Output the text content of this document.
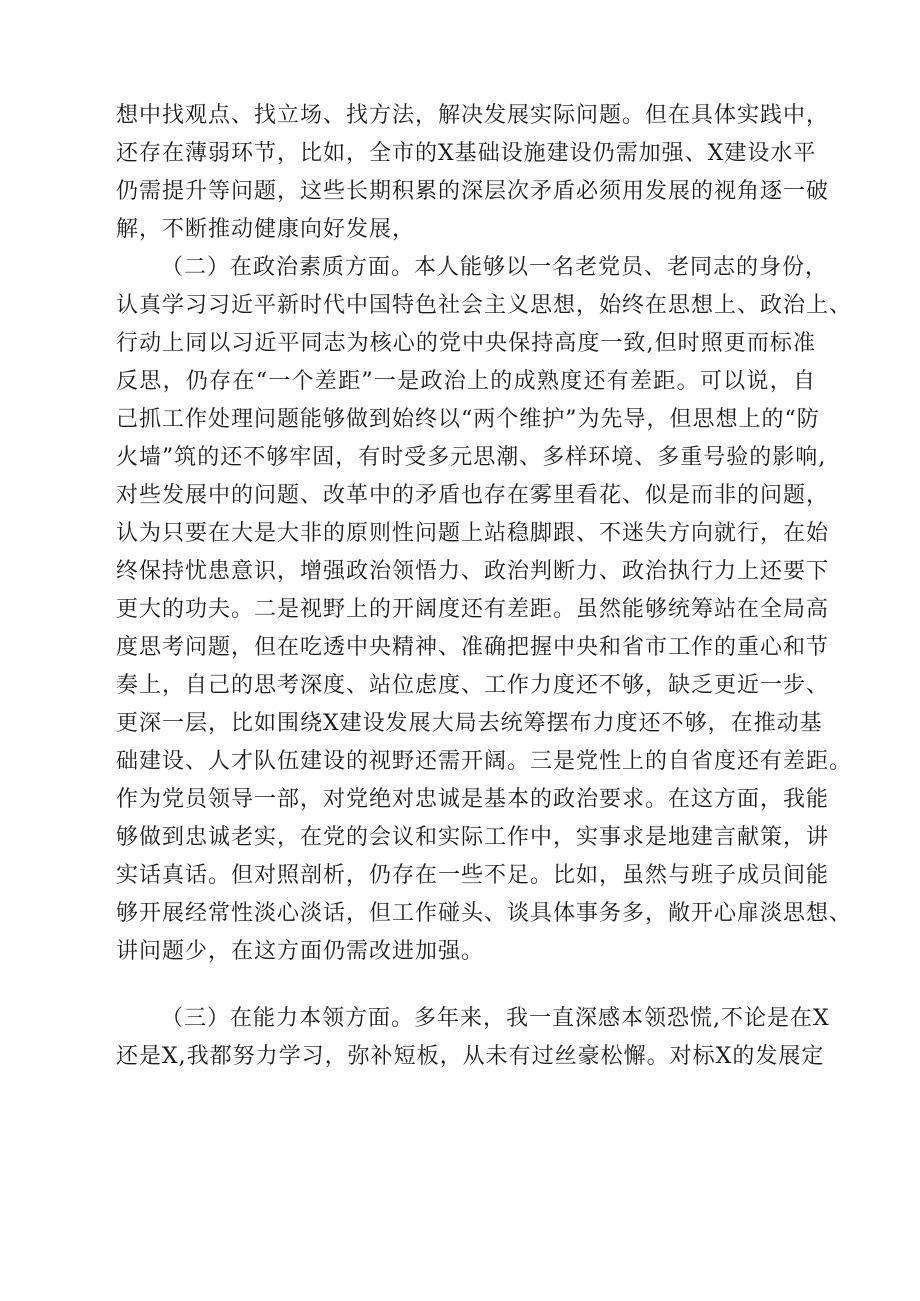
想中找观点、找立场、找方法，解决发展实际问题。但在具体实践中，
还存在薄弱环节，比如，全市的X基础设施建设仍需加强、X建设水平
仍需提升等问题，这些长期积累的深层次矛盾必须用发展的视角逐一破
解，不断推动健康向好发展，
（二）在政治素质方面。本人能够以一名老党员、老同志的身份，
认真学习习近平新时代中国特色社会主义思想，始终在思想上、政治上、
行动上同以习近平同志为核心的党中央保持高度一致,但时照更而标准
反思，仍存在“一个差距”一是政治上的成熟度还有差距。可以说，自
己抓工作处理问题能够做到始终以“两个维护”为先导，但思想上的“防
火墙”筑的还不够牢固，有时受多元思潮、多样环境、多重号验的影响,
对些发展中的问题、改革中的矛盾也存在雾里看花、似是而非的问题，
认为只要在大是大非的原则性问题上站稳脚跟、不迷失方向就行，在始
终保持忧患意识，增强政治领悟力、政治判断力、政治执行力上还要下
更大的功夫。二是视野上的开阔度还有差距。虽然能够统筹站在全局高
度思考问题，但在吃透中央精神、准确把握中央和省市工作的重心和节
奏上，自己的思考深度、站位虑度、工作力度还不够，缺乏更近一步、
更深一层，比如围绕X建设发展大局去统筹摆布力度还不够，在推动基
础建设、人才队伍建设的视野还需开阔。三是党性上的自省度还有差距。
作为党员领导一部，对党绝对忠诚是基本的政治要求。在这方面，我能
够做到忠诚老实，在党的会议和实际工作中，实事求是地建言献策，讲
实话真话。但对照剖析，仍存在一些不足。比如，虽然与班子成员间能
够开展经常性淡心淡话，但工作碰头、谈具体事务多，敞开心扉淡思想、
讲问题少，在这方面仍需改进加强。
（三）在能力本领方面。多年来，我一直深感本领恐慌,不论是在X
还是X,我都努力学习，弥补短板，从未有过丝豪松懈。对标X的发展定
